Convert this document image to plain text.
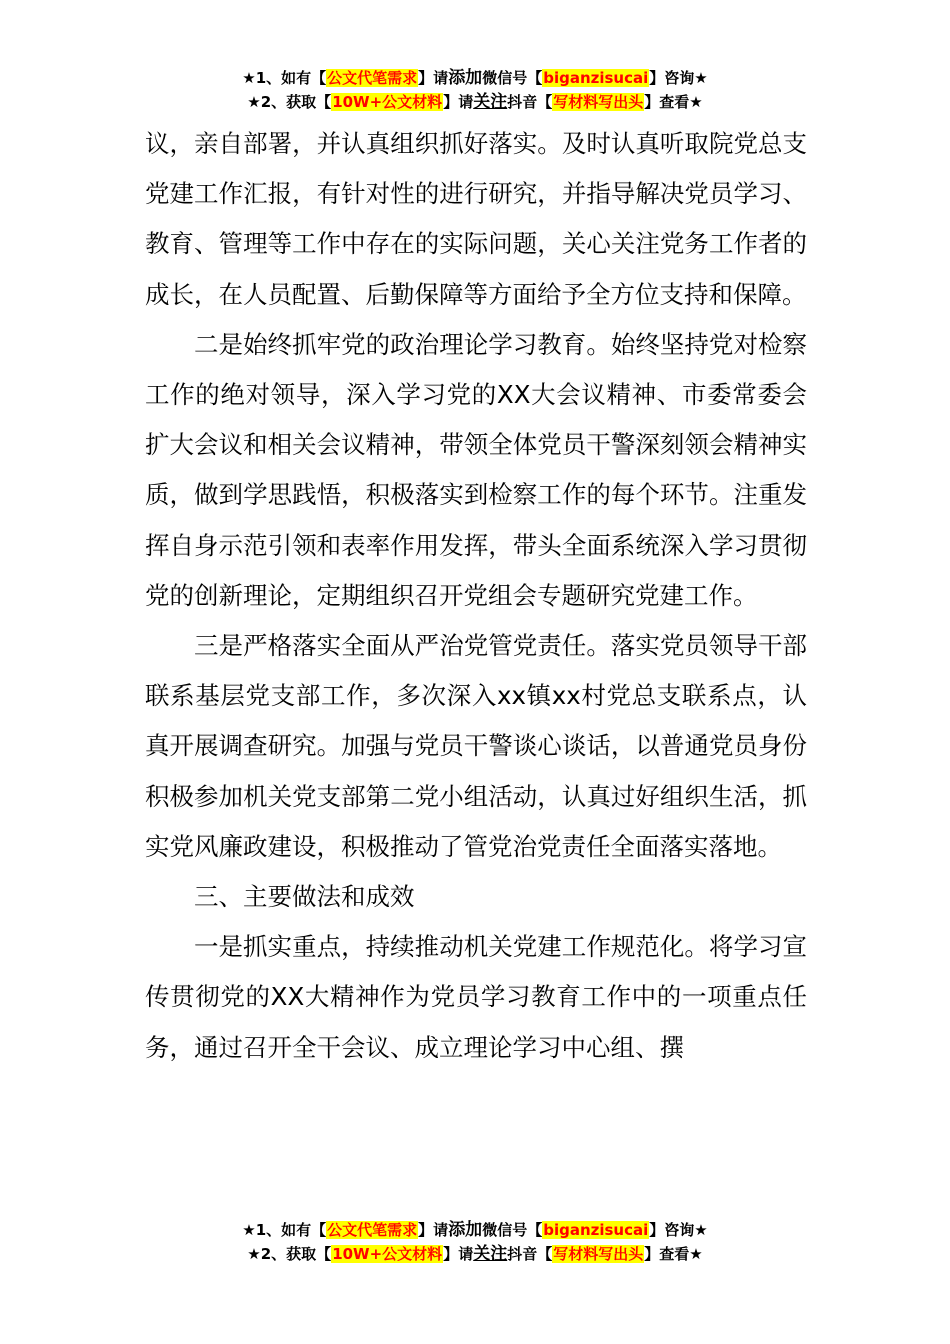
★1、如有【公文代笔需求】请添加微信号【biganzisucai】咨询★
★2、获取【10W+公文材料】请关注抖音【写材料写出头】查看★

议，亲自部署，并认真组织抓好落实。及时认真听取院党总支党建工作汇报，有针对性的进行研究，并指导解决党员学习、教育、管理等工作中存在的实际问题，关心关注党务工作者的成长，在人员配置、后勤保障等方面给予全方位支持和保障。

二是始终抓牢党的政治理论学习教育。始终坚持党对检察工作的绝对领导，深入学习党的XX大会议精神、市委常委会扩大会议和相关会议精神，带领全体党员干警深刻领会精神实质，做到学思践悟，积极落实到检察工作的每个环节。注重发挥自身示范引领和表率作用发挥，带头全面系统深入学习贯彻党的创新理论，定期组织召开党组会专题研究党建工作。

三是严格落实全面从严治党管党责任。落实党员领导干部联系基层党支部工作，多次深入xx镇xx村党总支联系点，认真开展调查研究。加强与党员干警谈心谈话，以普通党员身份积极参加机关党支部第二党小组活动，认真过好组织生活，抓实党风廉政建设，积极推动了管党治党责任全面落实落地。

三、主要做法和成效

一是抓实重点，持续推动机关党建工作规范化。将学习宣传贯彻党的XX大精神作为党员学习教育工作中的一项重点任务，通过召开全干会议、成立理论学习中心组、撰

★1、如有【公文代笔需求】请添加微信号【biganzisucai】咨询★
★2、获取【10W+公文材料】请关注抖音【写材料写出头】查看★
